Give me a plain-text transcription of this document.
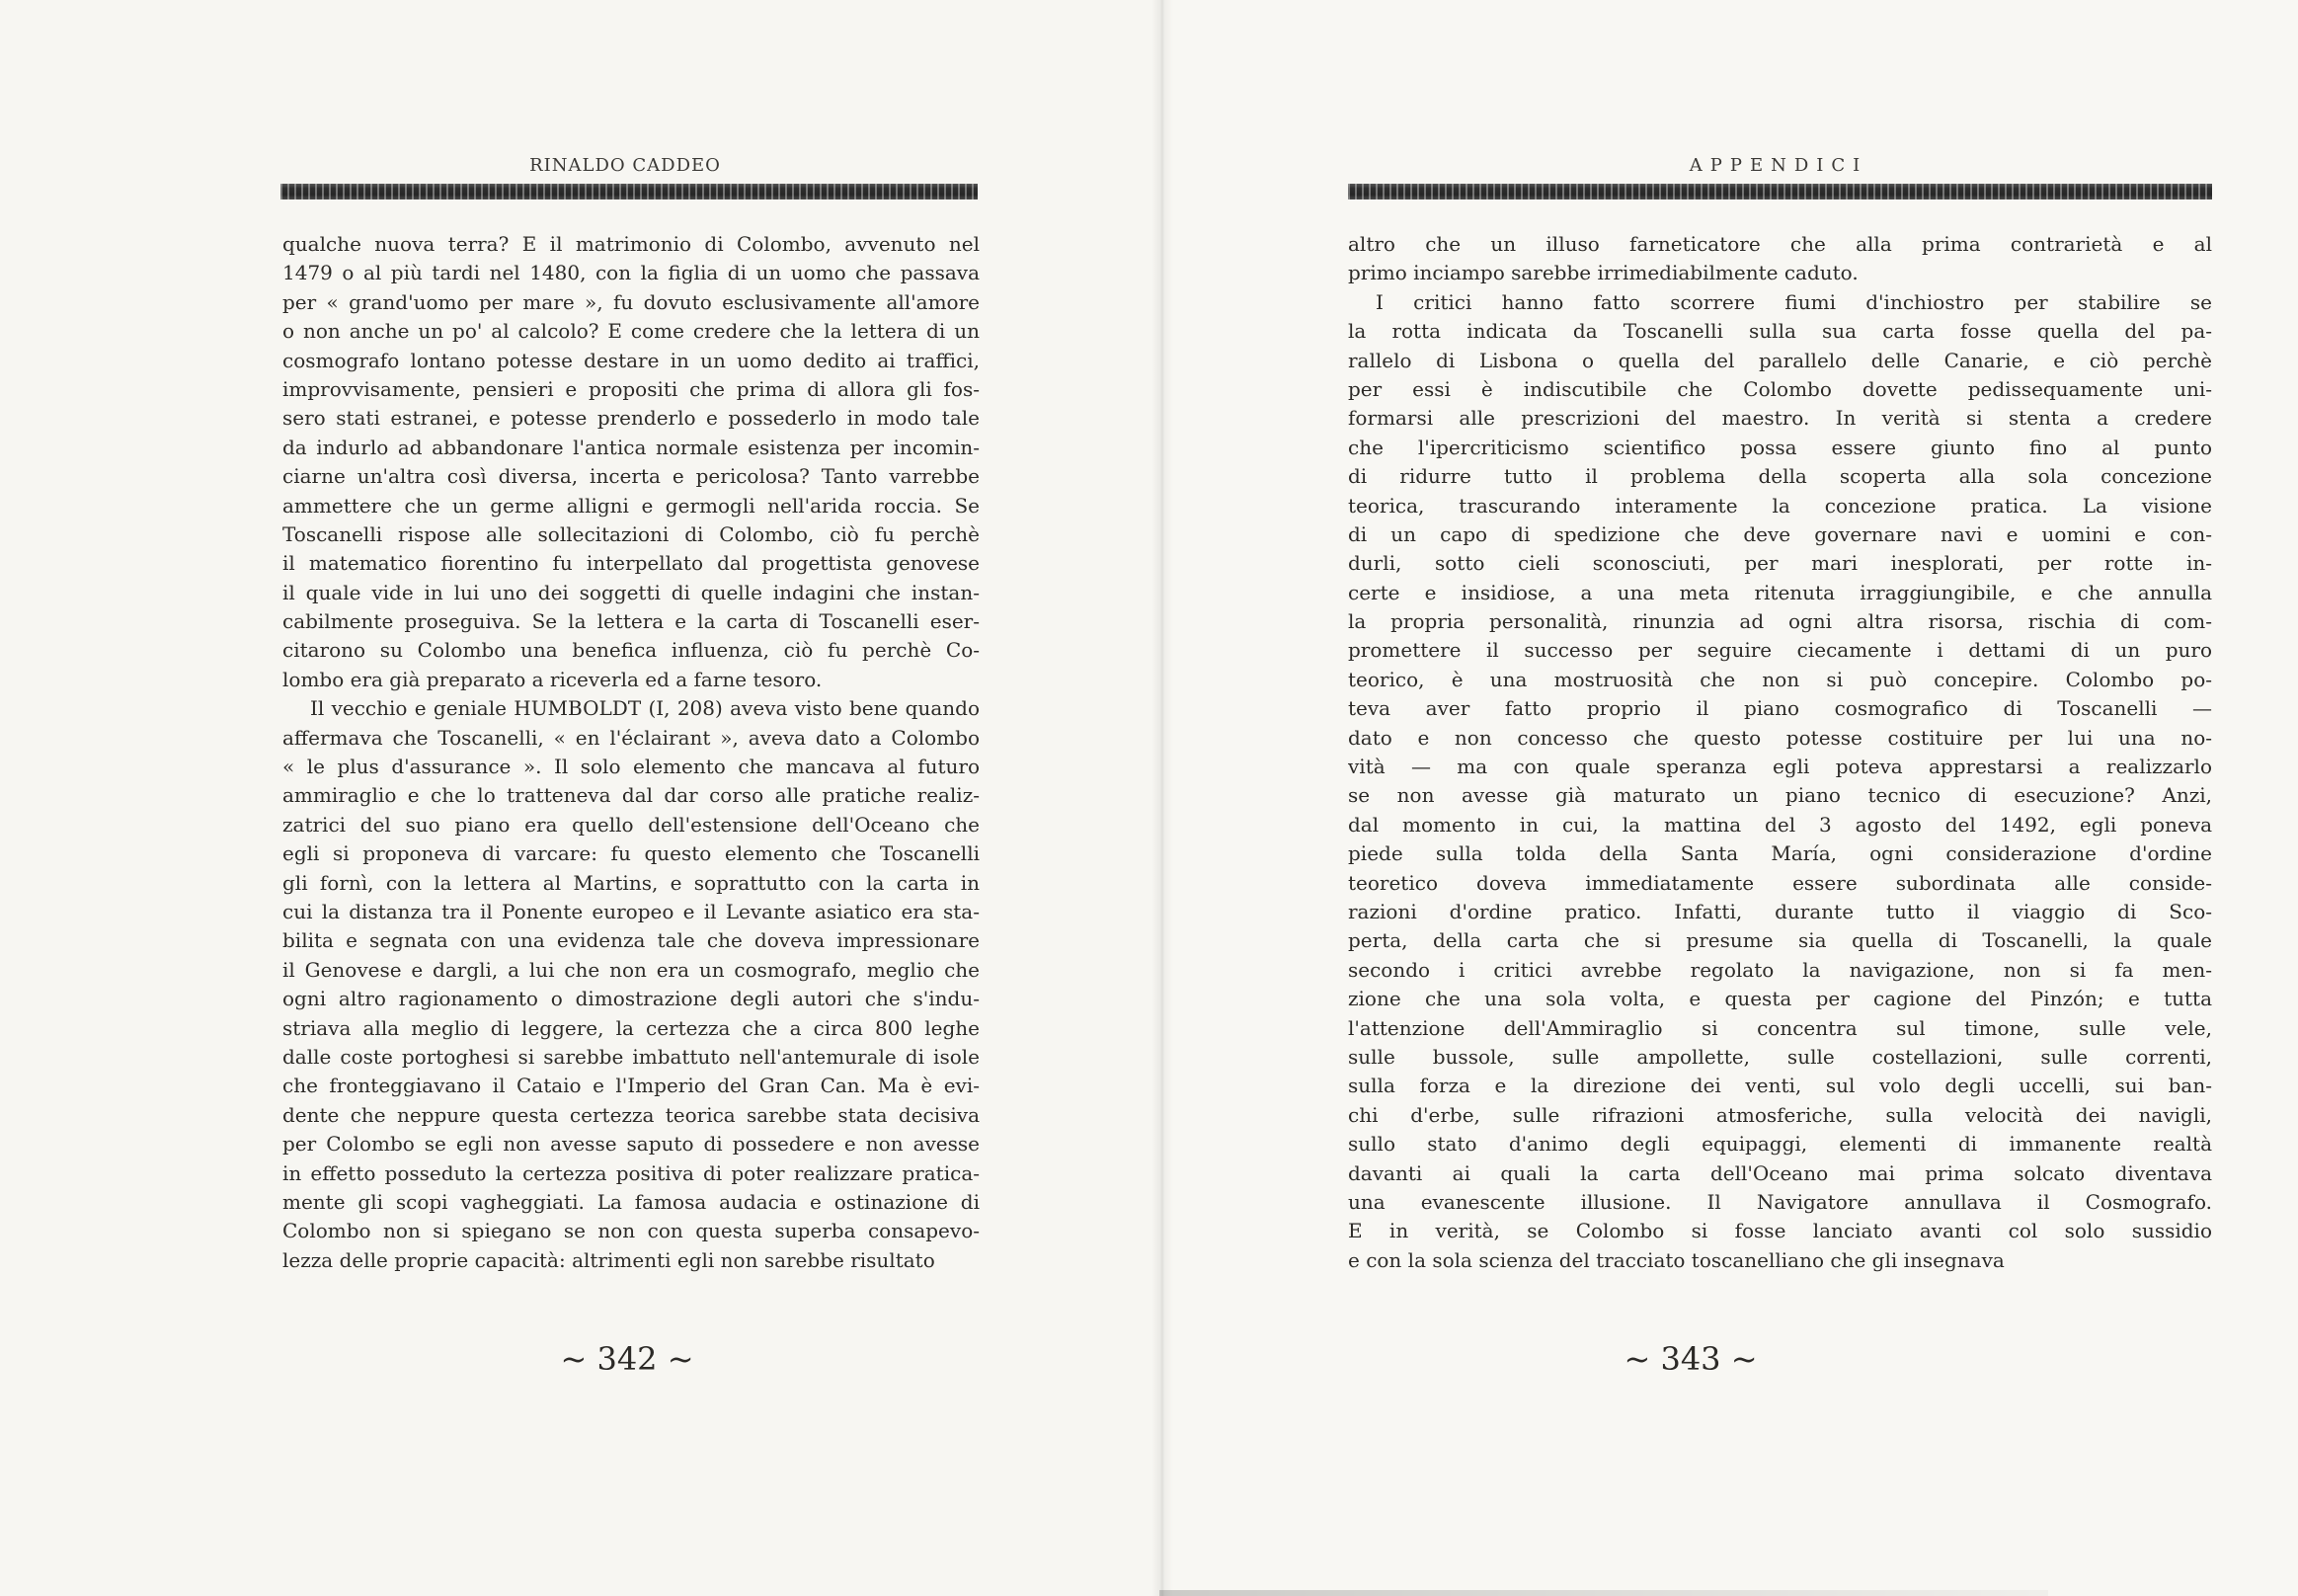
RINALDO CADDEO
qualche nuova terra? E il matrimonio di Colombo, avvenuto nel
1479 o al più tardi nel 1480, con la figlia di un uomo che passava
per « grand'uomo per mare », fu dovuto esclusivamente all'amore
o non anche un po' al calcolo? E come credere che la lettera di un
cosmografo lontano potesse destare in un uomo dedito ai traffici,
improvvisamente, pensieri e propositi che prima di allora gli fos-
sero stati estranei, e potesse prenderlo e possederlo in modo tale
da indurlo ad abbandonare l'antica normale esistenza per incomin-
ciarne un'altra così diversa, incerta e pericolosa? Tanto varrebbe
ammettere che un germe alligni e germogli nell'arida roccia. Se
Toscanelli rispose alle sollecitazioni di Colombo, ciò fu perchè
il matematico fiorentino fu interpellato dal progettista genovese
il quale vide in lui uno dei soggetti di quelle indagini che instan-
cabilmente proseguiva. Se la lettera e la carta di Toscanelli eser-
citarono su Colombo una benefica influenza, ciò fu perchè Co-
lombo era già preparato a riceverla ed a farne tesoro.
Il vecchio e geniale HUMBOLDT (I, 208) aveva visto bene quando
affermava che Toscanelli, « en l'éclairant », aveva dato a Colombo
« le plus d'assurance ». Il solo elemento che mancava al futuro
ammiraglio e che lo tratteneva dal dar corso alle pratiche realiz-
zatrici del suo piano era quello dell'estensione dell'Oceano che
egli si proponeva di varcare: fu questo elemento che Toscanelli
gli fornì, con la lettera al Martins, e soprattutto con la carta in
cui la distanza tra il Ponente europeo e il Levante asiatico era sta-
bilita e segnata con una evidenza tale che doveva impressionare
il Genovese e dargli, a lui che non era un cosmografo, meglio che
ogni altro ragionamento o dimostrazione degli autori che s'indu-
striava alla meglio di leggere, la certezza che a circa 800 leghe
dalle coste portoghesi si sarebbe imbattuto nell'antemurale di isole
che fronteggiavano il Cataio e l'Imperio del Gran Can. Ma è evi-
dente che neppure questa certezza teorica sarebbe stata decisiva
per Colombo se egli non avesse saputo di possedere e non avesse
in effetto posseduto la certezza positiva di poter realizzare pratica-
mente gli scopi vagheggiati. La famosa audacia e ostinazione di
Colombo non si spiegano se non con questa superba consapevo-
lezza delle proprie capacità: altrimenti egli non sarebbe risultato
~ 342 ~
APPENDICI
altro che un illuso farneticatore che alla prima contrarietà e al
primo inciampo sarebbe irrimediabilmente caduto.
I critici hanno fatto scorrere fiumi d'inchiostro per stabilire se
la rotta indicata da Toscanelli sulla sua carta fosse quella del pa-
rallelo di Lisbona o quella del parallelo delle Canarie, e ciò perchè
per essi è indiscutibile che Colombo dovette pedissequamente uni-
formarsi alle prescrizioni del maestro. In verità si stenta a credere
che l'ipercriticismo scientifico possa essere giunto fino al punto
di ridurre tutto il problema della scoperta alla sola concezione
teorica, trascurando interamente la concezione pratica. La visione
di un capo di spedizione che deve governare navi e uomini e con-
durli, sotto cieli sconosciuti, per mari inesplorati, per rotte in-
certe e insidiose, a una meta ritenuta irraggiungibile, e che annulla
la propria personalità, rinunzia ad ogni altra risorsa, rischia di com-
promettere il successo per seguire ciecamente i dettami di un puro
teorico, è una mostruosità che non si può concepire. Colombo po-
teva aver fatto proprio il piano cosmografico di Toscanelli —
dato e non concesso che questo potesse costituire per lui una no-
vità — ma con quale speranza egli poteva apprestarsi a realizzarlo
se non avesse già maturato un piano tecnico di esecuzione? Anzi,
dal momento in cui, la mattina del 3 agosto del 1492, egli poneva
piede sulla tolda della Santa María, ogni considerazione d'ordine
teoretico doveva immediatamente essere subordinata alle conside-
razioni d'ordine pratico. Infatti, durante tutto il viaggio di Sco-
perta, della carta che si presume sia quella di Toscanelli, la quale
secondo i critici avrebbe regolato la navigazione, non si fa men-
zione che una sola volta, e questa per cagione del Pinzón; e tutta
l'attenzione dell'Ammiraglio si concentra sul timone, sulle vele,
sulle bussole, sulle ampollette, sulle costellazioni, sulle correnti,
sulla forza e la direzione dei venti, sul volo degli uccelli, sui ban-
chi d'erbe, sulle rifrazioni atmosferiche, sulla velocità dei navigli,
sullo stato d'animo degli equipaggi, elementi di immanente realtà
davanti ai quali la carta dell'Oceano mai prima solcato diventava
una evanescente illusione. Il Navigatore annullava il Cosmografo.
E in verità, se Colombo si fosse lanciato avanti col solo sussidio
e con la sola scienza del tracciato toscanelliano che gli insegnava
~ 343 ~
